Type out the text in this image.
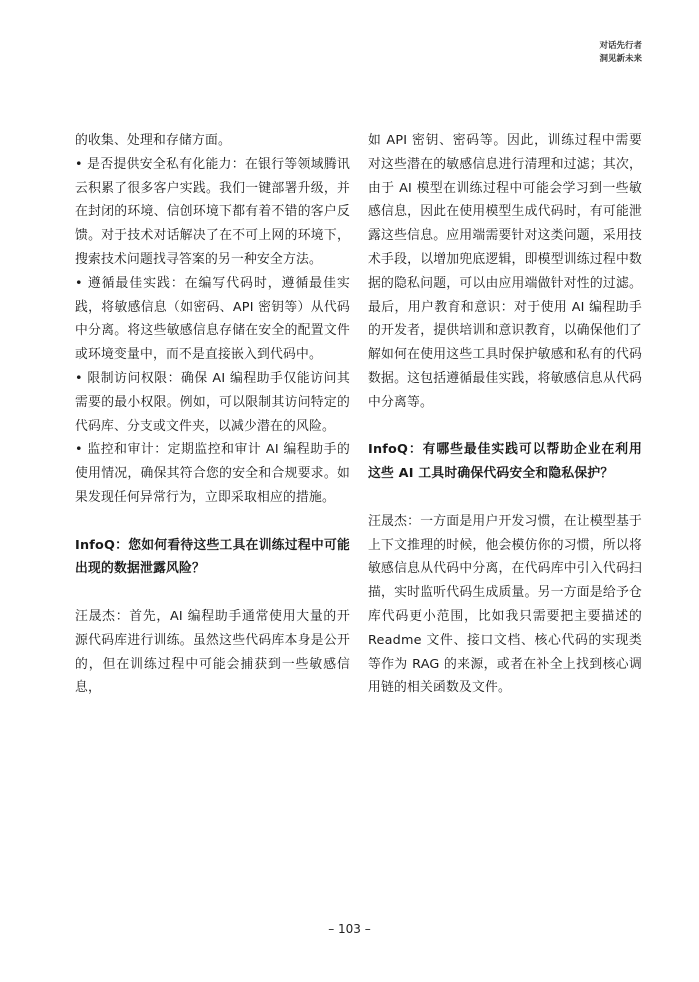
对话先行者
洞见新未来

的收集、处理和存储方面。

• 是否提供安全私有化能力：在银行等领域腾讯云积累了很多客户实践。我们一键部署升级，并在封闭的环境、信创环境下都有着不错的客户反馈。对于技术对话解决了在不可上网的环境下，搜索技术问题找寻答案的另一种安全方法。

• 遵循最佳实践：在编写代码时，遵循最佳实践，将敏感信息（如密码、API 密钥等）从代码中分离。将这些敏感信息存储在安全的配置文件或环境变量中，而不是直接嵌入到代码中。

• 限制访问权限：确保 AI 编程助手仅能访问其需要的最小权限。例如，可以限制其访问特定的代码库、分支或文件夹，以减少潜在的风险。

• 监控和审计：定期监控和审计 AI 编程助手的使用情况，确保其符合您的安全和合规要求。如果发现任何异常行为，立即采取相应的措施。

InfoQ：您如何看待这些工具在训练过程中可能出现的数据泄露风险？

汪晟杰：首先，AI 编程助手通常使用大量的开源代码库进行训练。虽然这些代码库本身是公开的，但在训练过程中可能会捕获到一些敏感信息，

如 API 密钥、密码等。因此，训练过程中需要对这些潜在的敏感信息进行清理和过滤；其次，由于 AI 模型在训练过程中可能会学习到一些敏感信息，因此在使用模型生成代码时，有可能泄露这些信息。应用端需要针对这类问题，采用技术手段，以增加兜底逻辑，即模型训练过程中数据的隐私问题，可以由应用端做针对性的过滤。最后，用户教育和意识：对于使用 AI 编程助手的开发者，提供培训和意识教育，以确保他们了解如何在使用这些工具时保护敏感和私有的代码数据。这包括遵循最佳实践，将敏感信息从代码中分离等。

InfoQ：有哪些最佳实践可以帮助企业在利用这些 AI 工具时确保代码安全和隐私保护？

汪晟杰：一方面是用户开发习惯，在让模型基于上下文推理的时候，他会模仿你的习惯，所以将敏感信息从代码中分离，在代码库中引入代码扫描，实时监听代码生成质量。另一方面是给予仓库代码更小范围，比如我只需要把主要描述的 Readme 文件、接口文档、核心代码的实现类等作为 RAG 的来源，或者在补全上找到核心调用链的相关函数及文件。

– 103 –
